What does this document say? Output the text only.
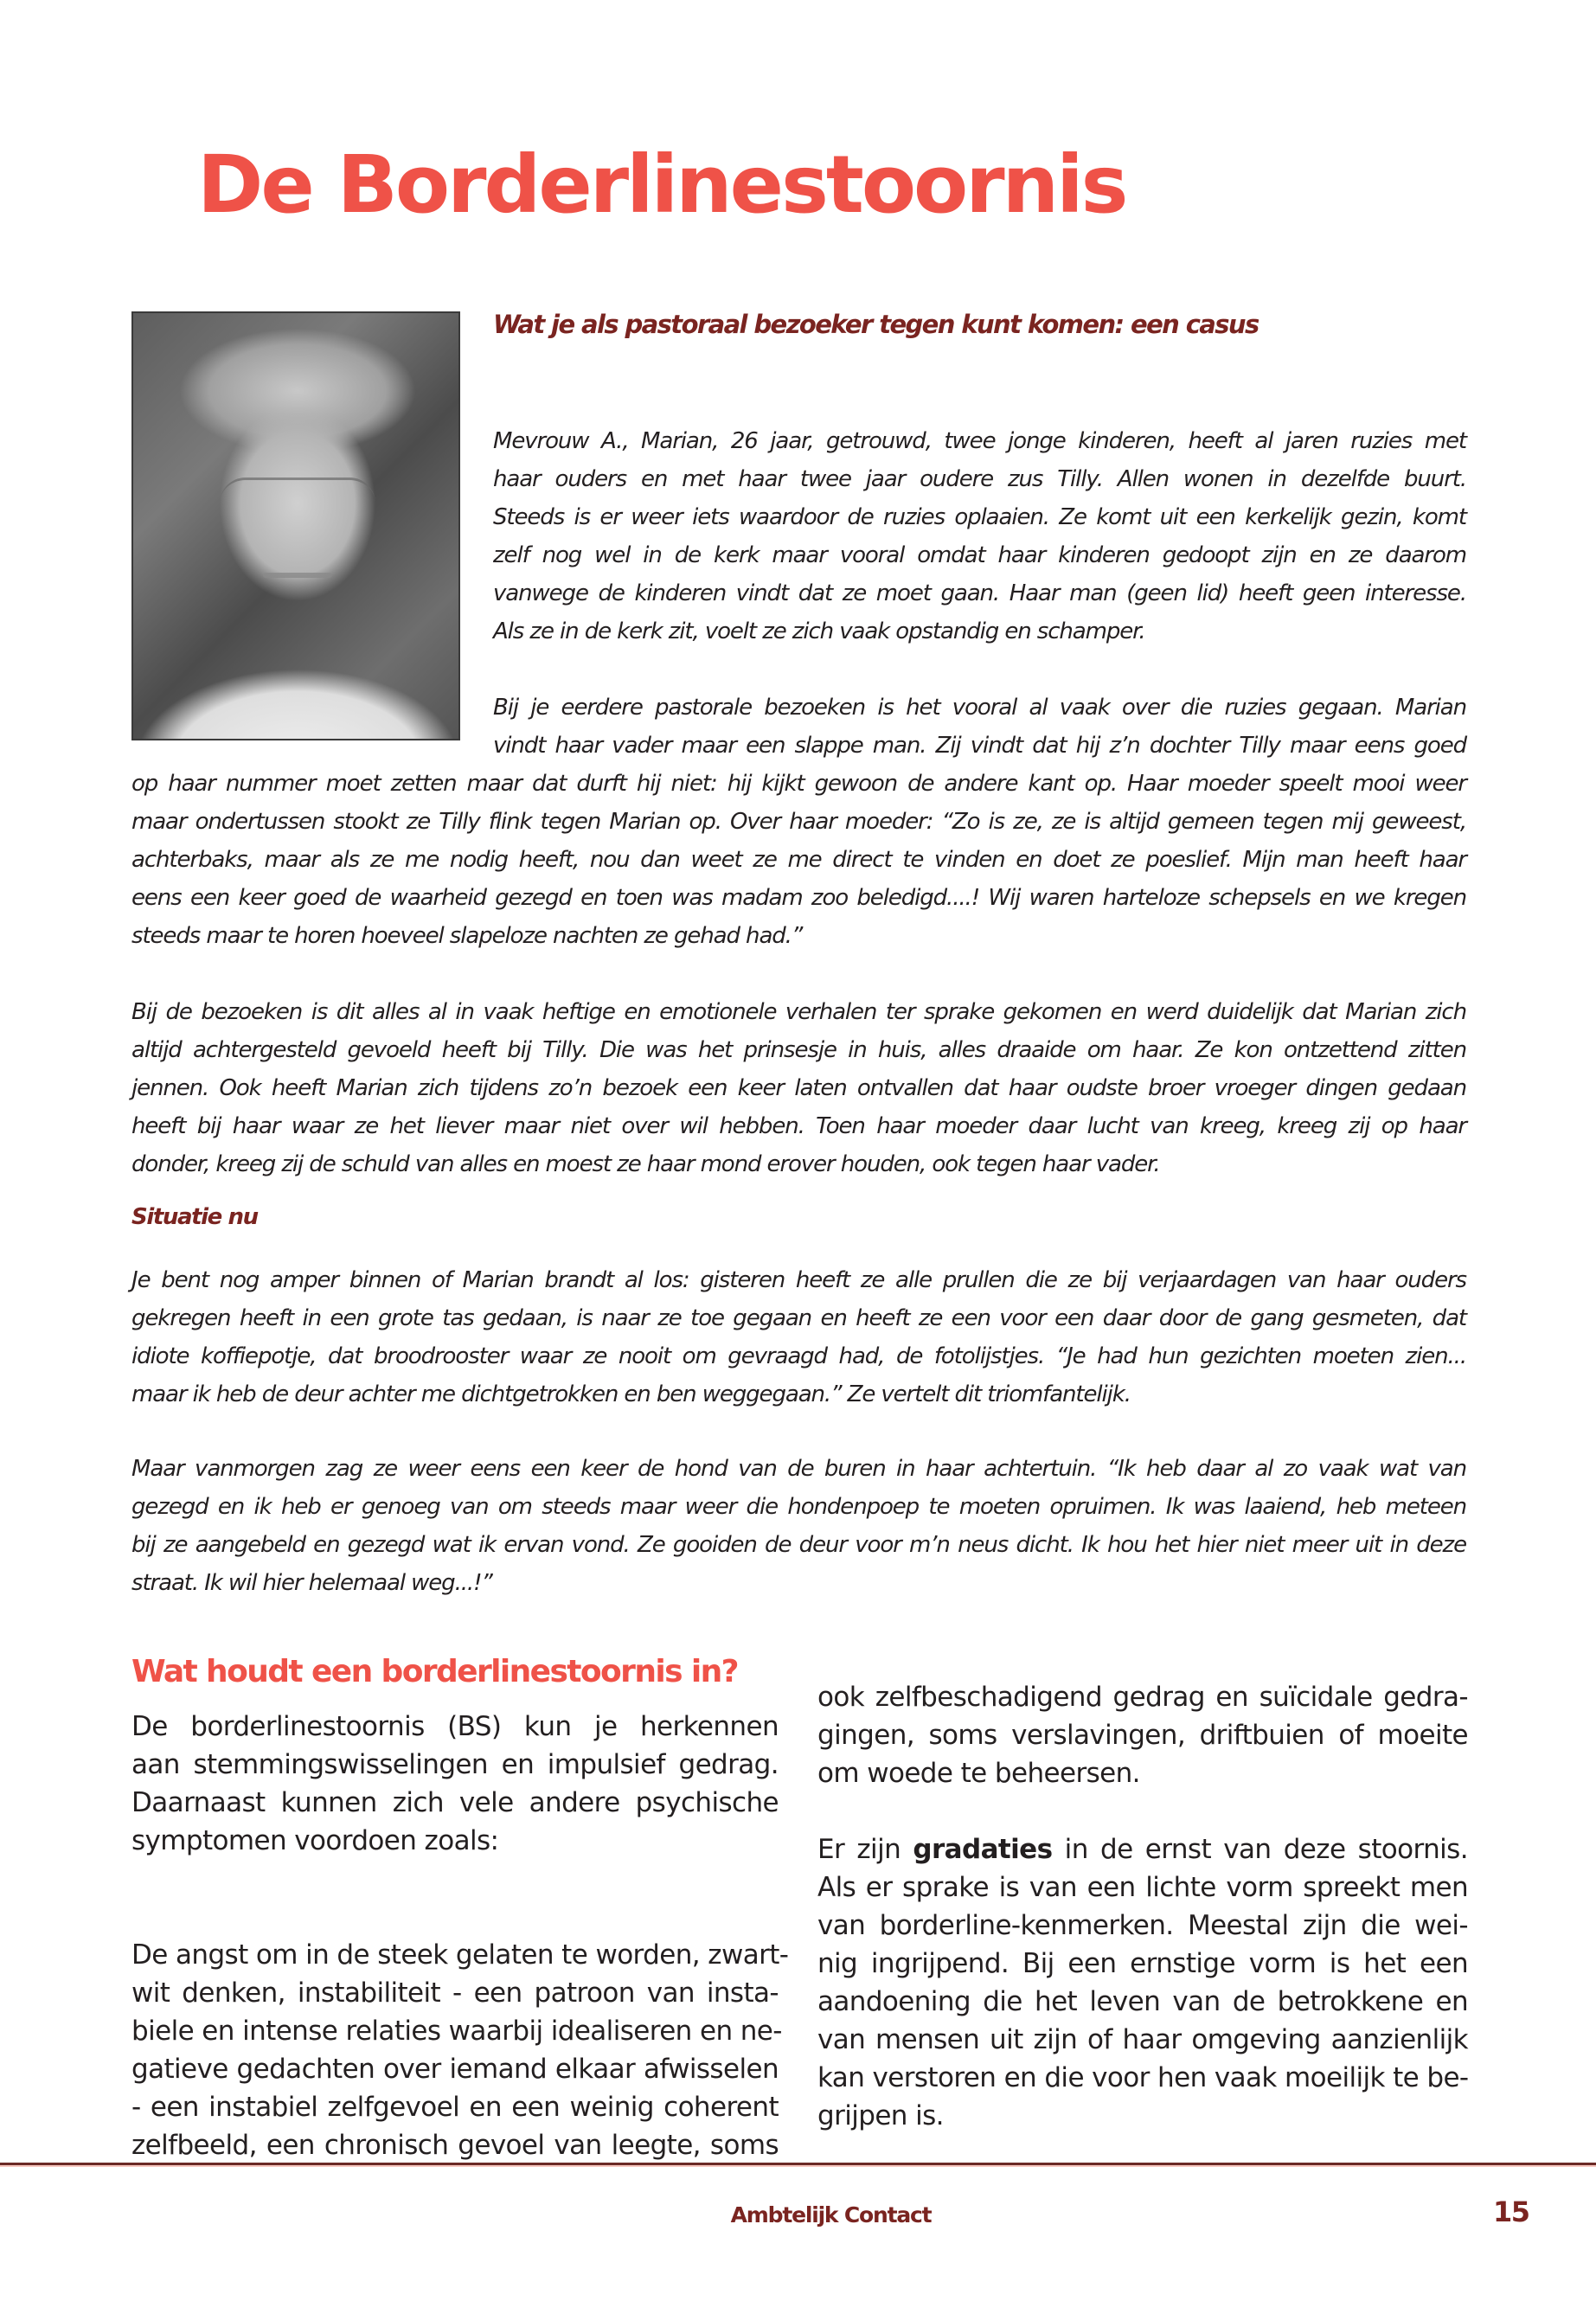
De Borderlinestoornis
Wat je als pastoraal bezoeker tegen kunt komen: een casus
Mevrouw A., Marian, 26 jaar, getrouwd, twee jonge kinderen, heeft al jaren ruzies met
haar ouders en met haar twee jaar oudere zus Tilly. Allen wonen in dezelfde buurt.
Steeds is er weer iets waardoor de ruzies oplaaien. Ze komt uit een kerkelijk gezin, komt
zelf nog wel in de kerk maar vooral omdat haar kinderen gedoopt zijn en ze daarom
vanwege de kinderen vindt dat ze moet gaan. Haar man (geen lid) heeft geen interesse.
Als ze in de kerk zit, voelt ze zich vaak opstandig en schamper.
Bij je eerdere pastorale bezoeken is het vooral al vaak over die ruzies gegaan. Marian
vindt haar vader maar een slappe man. Zij vindt dat hij z’n dochter Tilly maar eens goed
op haar nummer moet zetten maar dat durft hij niet: hij kijkt gewoon de andere kant op. Haar moeder speelt mooi weer
maar ondertussen stookt ze Tilly flink tegen Marian op. Over haar moeder: “Zo is ze, ze is altijd gemeen tegen mij geweest,
achterbaks, maar als ze me nodig heeft, nou dan weet ze me direct te vinden en doet ze poeslief. Mijn man heeft haar
eens een keer goed de waarheid gezegd en toen was madam zoo beledigd....! Wij waren harteloze schepsels en we kregen
steeds maar te horen hoeveel slapeloze nachten ze gehad had.”
Bij de bezoeken is dit alles al in vaak heftige en emotionele verhalen ter sprake gekomen en werd duidelijk dat Marian zich
altijd achtergesteld gevoeld heeft bij Tilly. Die was het prinsesje in huis, alles draaide om haar. Ze kon ontzettend zitten
jennen. Ook heeft Marian zich tijdens zo’n bezoek een keer laten ontvallen dat haar oudste broer vroeger dingen gedaan
heeft bij haar waar ze het liever maar niet over wil hebben. Toen haar moeder daar lucht van kreeg, kreeg zij op haar
donder, kreeg zij de schuld van alles en moest ze haar mond erover houden, ook tegen haar vader.
Situatie nu
Je bent nog amper binnen of Marian brandt al los: gisteren heeft ze alle prullen die ze bij verjaardagen van haar ouders
gekregen heeft in een grote tas gedaan, is naar ze toe gegaan en heeft ze een voor een daar door de gang gesmeten, dat
idiote koffiepotje, dat broodrooster waar ze nooit om gevraagd had, de fotolijstjes. “Je had hun gezichten moeten zien...
maar ik heb de deur achter me dichtgetrokken en ben weggegaan.” Ze vertelt dit triomfantelijk.
Maar vanmorgen zag ze weer eens een keer de hond van de buren in haar achtertuin. “Ik heb daar al zo vaak wat van
gezegd en ik heb er genoeg van om steeds maar weer die hondenpoep te moeten opruimen. Ik was laaiend, heb meteen
bij ze aangebeld en gezegd wat ik ervan vond. Ze gooiden de deur voor m’n neus dicht. Ik hou het hier niet meer uit in deze
straat. Ik wil hier helemaal weg...!”
Wat houdt een borderlinestoornis in?
De borderlinestoornis (BS) kun je herkennen
aan stemmingswisselingen en impulsief gedrag.
Daarnaast kunnen zich vele andere psychische
symptomen voordoen zoals:
De angst om in de steek gelaten te worden, zwart-
wit denken, instabiliteit - een patroon van insta-
biele en intense relaties waarbij idealiseren en ne-
gatieve gedachten over iemand elkaar afwisselen
- een instabiel zelfgevoel en een weinig coherent
zelfbeeld, een chronisch gevoel van leegte, soms
ook zelfbeschadigend gedrag en suïcidale gedra-
gingen, soms verslavingen, driftbuien of moeite
om woede te beheersen.
Er zijn gradaties in de ernst van deze stoornis.
Als er sprake is van een lichte vorm spreekt men
van borderline-kenmerken. Meestal zijn die wei-
nig ingrijpend. Bij een ernstige vorm is het een
aandoening die het leven van de betrokkene en
van mensen uit zijn of haar omgeving aanzienlijk
kan verstoren en die voor hen vaak moeilijk te be-
grijpen is.
Ambtelijk Contact	15
